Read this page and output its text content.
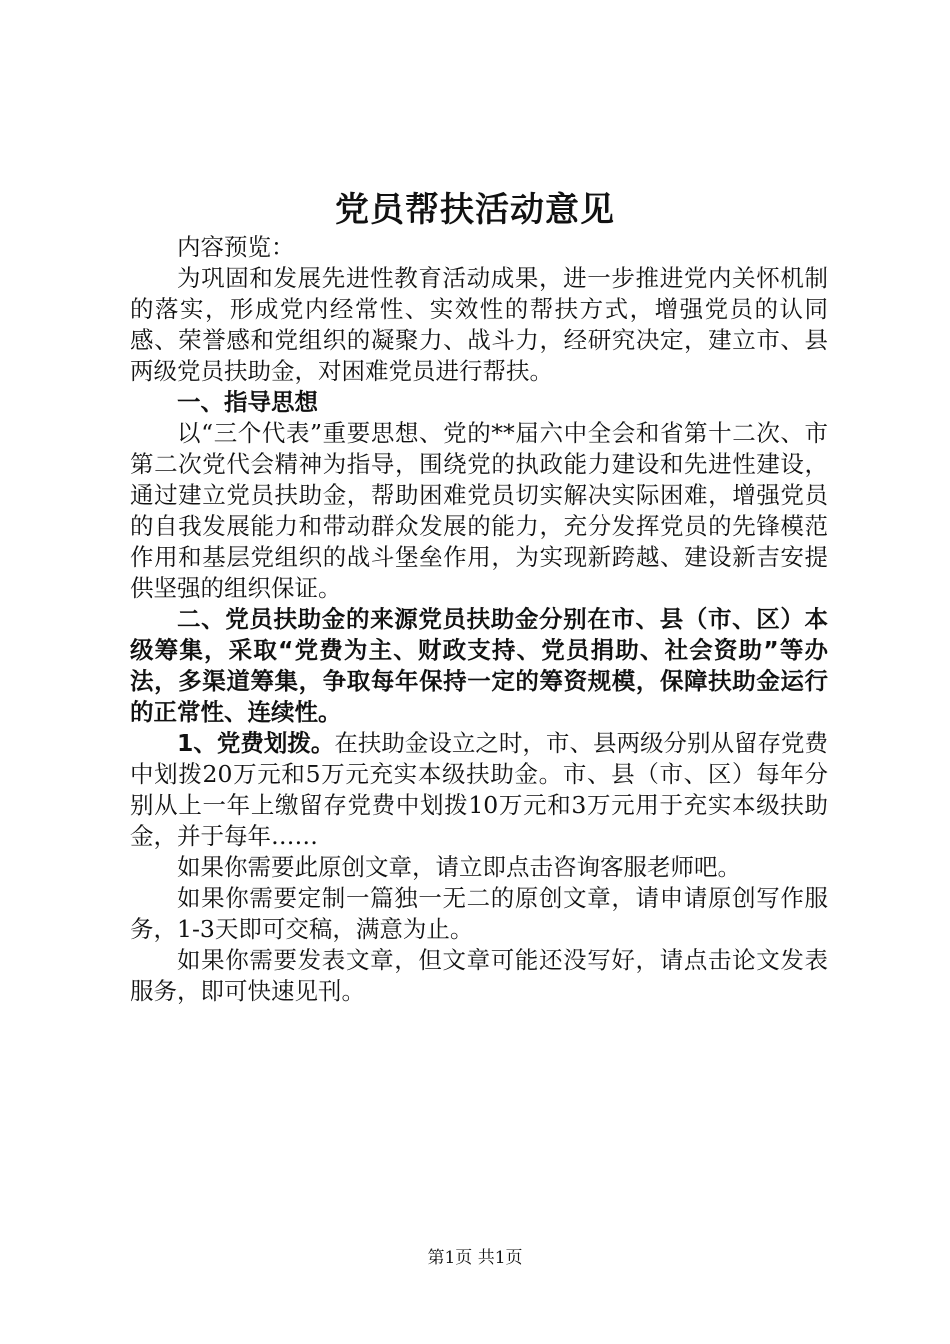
党员帮扶活动意见

内容预览：

为巩固和发展先进性教育活动成果，进一步推进党内关怀机制的落实，形成党内经常性、实效性的帮扶方式，增强党员的认同感、荣誉感和党组织的凝聚力、战斗力，经研究决定，建立市、县两级党员扶助金，对困难党员进行帮扶。

一、指导思想

以“三个代表”重要思想、党的**届六中全会和省第十二次、市第二次党代会精神为指导，围绕党的执政能力建设和先进性建设，通过建立党员扶助金，帮助困难党员切实解决实际困难，增强党员的自我发展能力和带动群众发展的能力，充分发挥党员的先锋模范作用和基层党组织的战斗堡垒作用，为实现新跨越、建设新吉安提供坚强的组织保证。

二、党员扶助金的来源党员扶助金分别在市、县（市、区）本级筹集，采取“党费为主、财政支持、党员捐助、社会资助”等办法，多渠道筹集，争取每年保持一定的筹资规模，保障扶助金运行的正常性、连续性。

1、党费划拨。在扶助金设立之时，市、县两级分别从留存党费中划拨20万元和5万元充实本级扶助金。市、县（市、区）每年分别从上一年上缴留存党费中划拨10万元和3万元用于充实本级扶助金，并于每年……

如果你需要此原创文章，请立即点击咨询客服老师吧。

如果你需要定制一篇独一无二的原创文章，请申请原创写作服务，1-3天即可交稿，满意为止。

如果你需要发表文章，但文章可能还没写好，请点击论文发表服务，即可快速见刊。

第1页 共1页
